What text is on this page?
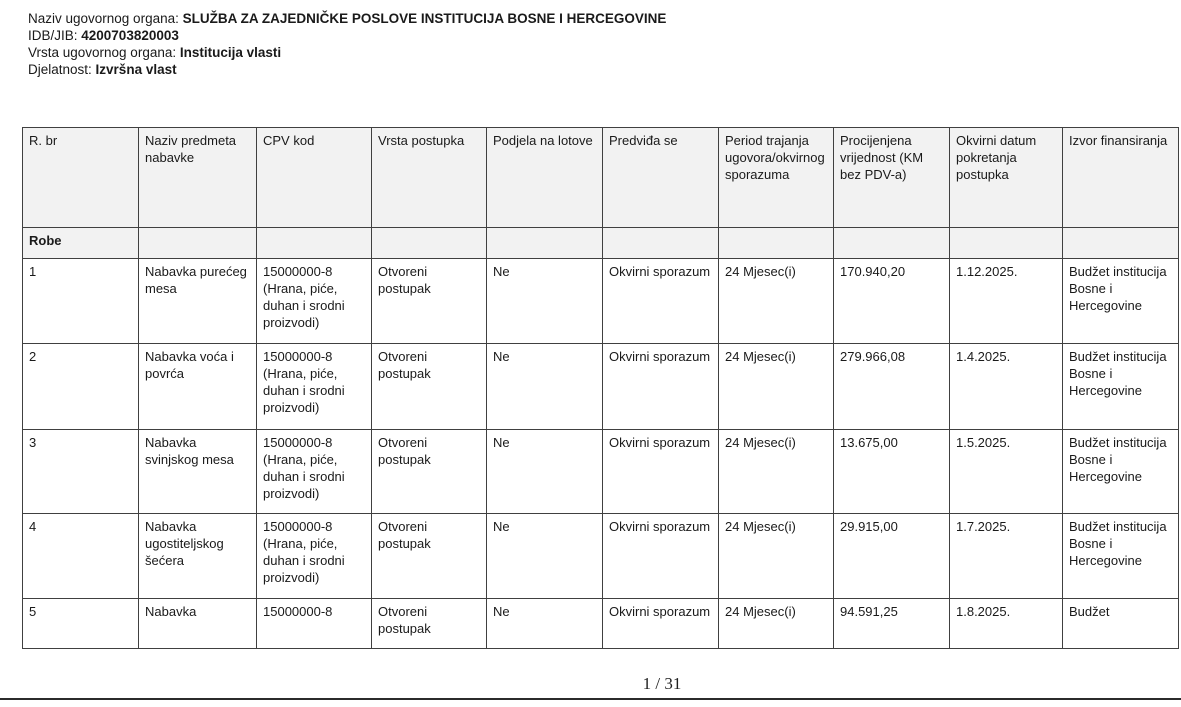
Naziv ugovornog organa: SLUŽBA ZA ZAJEDNIČKE POSLOVE INSTITUCIJA BOSNE I HERCEGOVINE
IDB/JIB: 4200703820003
Vrsta ugovornog organa: Institucija vlasti
Djelatnost: Izvršna vlast
R. br	Naziv predmeta nabavke	CPV kod	Vrsta postupka	Podjela na lotove	Predviđa se	Period trajanja ugovora/okvirnog sporazuma	Procijenjena vrijednost (KM bez PDV-a)	Okvirni datum pokretanja postupka	Izvor finansiranja
Robe									
1	Nabavka purećeg mesa	15000000-8 (Hrana, piće, duhan i srodni proizvodi)	Otvoreni postupak	Ne	Okvirni sporazum	24 Mjesec(i)	170.940,20	1.12.2025.	Budžet institucija Bosne i Hercegovine
2	Nabavka voća i povrća	15000000-8 (Hrana, piće, duhan i srodni proizvodi)	Otvoreni postupak	Ne	Okvirni sporazum	24 Mjesec(i)	279.966,08	1.4.2025.	Budžet institucija Bosne i Hercegovine
3	Nabavka svinjskog mesa	15000000-8 (Hrana, piće, duhan i srodni proizvodi)	Otvoreni postupak	Ne	Okvirni sporazum	24 Mjesec(i)	13.675,00	1.5.2025.	Budžet institucija Bosne i Hercegovine
4	Nabavka ugostiteljskog šećera	15000000-8 (Hrana, piće, duhan i srodni proizvodi)	Otvoreni postupak	Ne	Okvirni sporazum	24 Mjesec(i)	29.915,00	1.7.2025.	Budžet institucija Bosne i Hercegovine
5	Nabavka	15000000-8	Otvoreni postupak	Ne	Okvirni sporazum	24 Mjesec(i)	94.591,25	1.8.2025.	Budžet
1 / 31
